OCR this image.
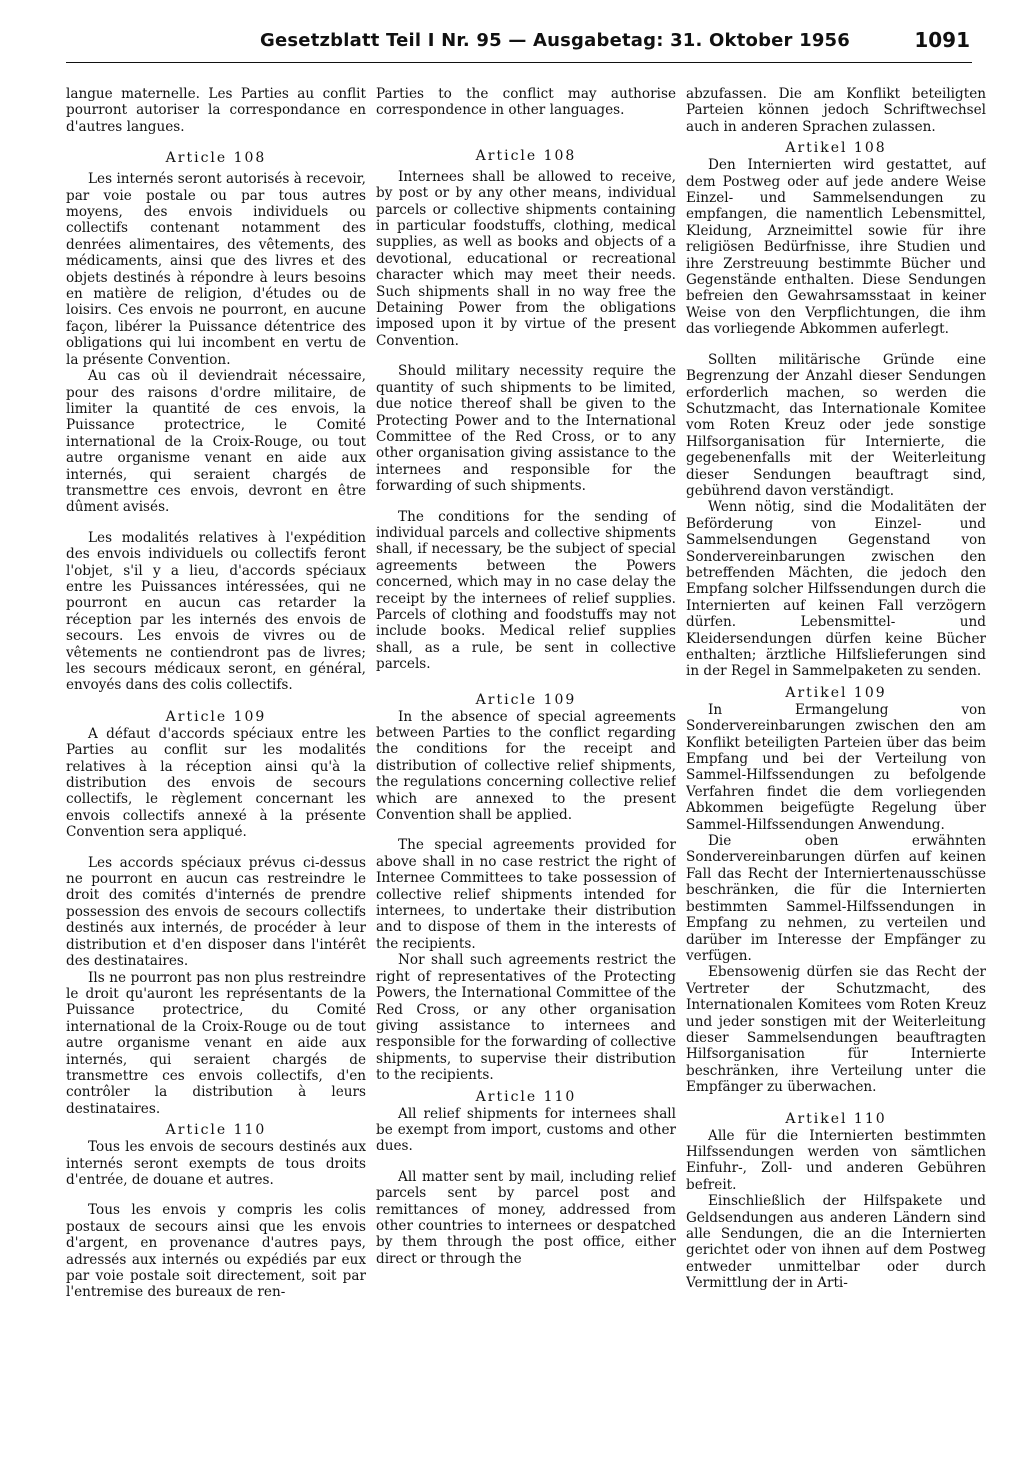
Gesetzblatt Teil I Nr. 95 — Ausgabetag: 31. Oktober 1956	1091

langue maternelle. Les Parties au conflit pourront autoriser la correspondance en d'autres langues.

Article 108

Les internés seront autorisés à recevoir, par voie postale ou par tous autres moyens, des envois individuels ou collectifs contenant notamment des denrées alimentaires, des vêtements, des médicaments, ainsi que des livres et des objets destinés à répondre à leurs besoins en matière de religion, d'études ou de loisirs. Ces envois ne pourront, en aucune façon, libérer la Puissance détentrice des obligations qui lui incombent en vertu de la présente Convention.

Au cas où il deviendrait nécessaire, pour des raisons d'ordre militaire, de limiter la quantité de ces envois, la Puissance protectrice, le Comité international de la Croix-Rouge, ou tout autre organisme venant en aide aux internés, qui seraient chargés de transmettre ces envois, devront en être dûment avisés.

Les modalités relatives à l'expédition des envois individuels ou collectifs feront l'objet, s'il y a lieu, d'accords spéciaux entre les Puissances intéressées, qui ne pourront en aucun cas retarder la réception par les internés des envois de secours. Les envois de vivres ou de vêtements ne contiendront pas de livres; les secours médicaux seront, en général, envoyés dans des colis collectifs.

Article 109

A défaut d'accords spéciaux entre les Parties au conflit sur les modalités relatives à la réception ainsi qu'à la distribution des envois de secours collectifs, le règlement concernant les envois collectifs annexé à la présente Convention sera appliqué.

Les accords spéciaux prévus ci-dessus ne pourront en aucun cas restreindre le droit des comités d'internés de prendre possession des envois de secours collectifs destinés aux internés, de procéder à leur distribution et d'en disposer dans l'intérêt des destinataires.

Ils ne pourront pas non plus restreindre le droit qu'auront les représentants de la Puissance protectrice, du Comité international de la Croix-Rouge ou de tout autre organisme venant en aide aux internés, qui seraient chargés de transmettre ces envois collectifs, d'en contrôler la distribution à leurs destinataires.

Article 110

Tous les envois de secours destinés aux internés seront exempts de tous droits d'entrée, de douane et autres.

Tous les envois y compris les colis postaux de secours ainsi que les envois d'argent, en provenance d'autres pays, adressés aux internés ou expédiés par eux par voie postale soit directement, soit par l'entremise des bureaux de ren-

Parties to the conflict may authorise correspondence in other languages.

Article 108

Internees shall be allowed to receive, by post or by any other means, individual parcels or collective shipments containing in particular foodstuffs, clothing, medical supplies, as well as books and objects of a devotional, educational or recreational character which may meet their needs. Such shipments shall in no way free the Detaining Power from the obligations imposed upon it by virtue of the present Convention.

Should military necessity require the quantity of such shipments to be limited, due notice thereof shall be given to the Protecting Power and to the International Committee of the Red Cross, or to any other organisation giving assistance to the internees and responsible for the forwarding of such shipments.

The conditions for the sending of individual parcels and collective shipments shall, if necessary, be the subject of special agreements between the Powers concerned, which may in no case delay the receipt by the internees of relief supplies. Parcels of clothing and foodstuffs may not include books. Medical relief supplies shall, as a rule, be sent in collective parcels.

Article 109

In the absence of special agreements between Parties to the conflict regarding the conditions for the receipt and distribution of collective relief shipments, the regulations concerning collective relief which are annexed to the present Convention shall be applied.

The special agreements provided for above shall in no case restrict the right of Internee Committees to take possession of collective relief shipments intended for internees, to undertake their distribution and to dispose of them in the interests of the recipients.

Nor shall such agreements restrict the right of representatives of the Protecting Powers, the International Committee of the Red Cross, or any other organisation giving assistance to internees and responsible for the forwarding of collective shipments, to supervise their distribution to the recipients.

Article 110

All relief shipments for internees shall be exempt from import, customs and other dues.

All matter sent by mail, including relief parcels sent by parcel post and remittances of money, addressed from other countries to internees or despatched by them through the post office, either direct or through the

abzufassen. Die am Konflikt beteiligten Parteien können jedoch Schriftwechsel auch in anderen Sprachen zulassen.

Artikel 108

Den Internierten wird gestattet, auf dem Postweg oder auf jede andere Weise Einzel- und Sammelsendungen zu empfangen, die namentlich Lebensmittel, Kleidung, Arzneimittel sowie für ihre religiösen Bedürfnisse, ihre Studien und ihre Zerstreuung bestimmte Bücher und Gegenstände enthalten. Diese Sendungen befreien den Gewahrsamsstaat in keiner Weise von den Verpflichtungen, die ihm das vorliegende Abkommen auferlegt.

Sollten militärische Gründe eine Begrenzung der Anzahl dieser Sendungen erforderlich machen, so werden die Schutzmacht, das Internationale Komitee vom Roten Kreuz oder jede sonstige Hilfsorganisation für Internierte, die gegebenenfalls mit der Weiterleitung dieser Sendungen beauftragt sind, gebührend davon verständigt.

Wenn nötig, sind die Modalitäten der Beförderung von Einzel- und Sammelsendungen Gegenstand von Sondervereinbarungen zwischen den betreffenden Mächten, die jedoch den Empfang solcher Hilfssendungen durch die Internierten auf keinen Fall verzögern dürfen. Lebensmittel- und Kleidersendungen dürfen keine Bücher enthalten; ärztliche Hilfslieferungen sind in der Regel in Sammelpaketen zu senden.

Artikel 109

In Ermangelung von Sondervereinbarungen zwischen den am Konflikt beteiligten Parteien über das beim Empfang und bei der Verteilung von Sammel-Hilfssendungen zu befolgende Verfahren findet die dem vorliegenden Abkommen beigefügte Regelung über Sammel-Hilfssendungen Anwendung.

Die oben erwähnten Sondervereinbarungen dürfen auf keinen Fall das Recht der Interniertenausschüsse beschränken, die für die Internierten bestimmten Sammel-Hilfssendungen in Empfang zu nehmen, zu verteilen und darüber im Interesse der Empfänger zu verfügen.

Ebensowenig dürfen sie das Recht der Vertreter der Schutzmacht, des Internationalen Komitees vom Roten Kreuz und jeder sonstigen mit der Weiterleitung dieser Sammelsendungen beauftragten Hilfsorganisation für Internierte beschränken, ihre Verteilung unter die Empfänger zu überwachen.

Artikel 110

Alle für die Internierten bestimmten Hilfssendungen werden von sämtlichen Einfuhr-, Zoll- und anderen Gebühren befreit.

Einschließlich der Hilfspakete und Geldsendungen aus anderen Ländern sind alle Sendungen, die an die Internierten gerichtet oder von ihnen auf dem Postweg entweder unmittelbar oder durch Vermittlung der in Arti-
